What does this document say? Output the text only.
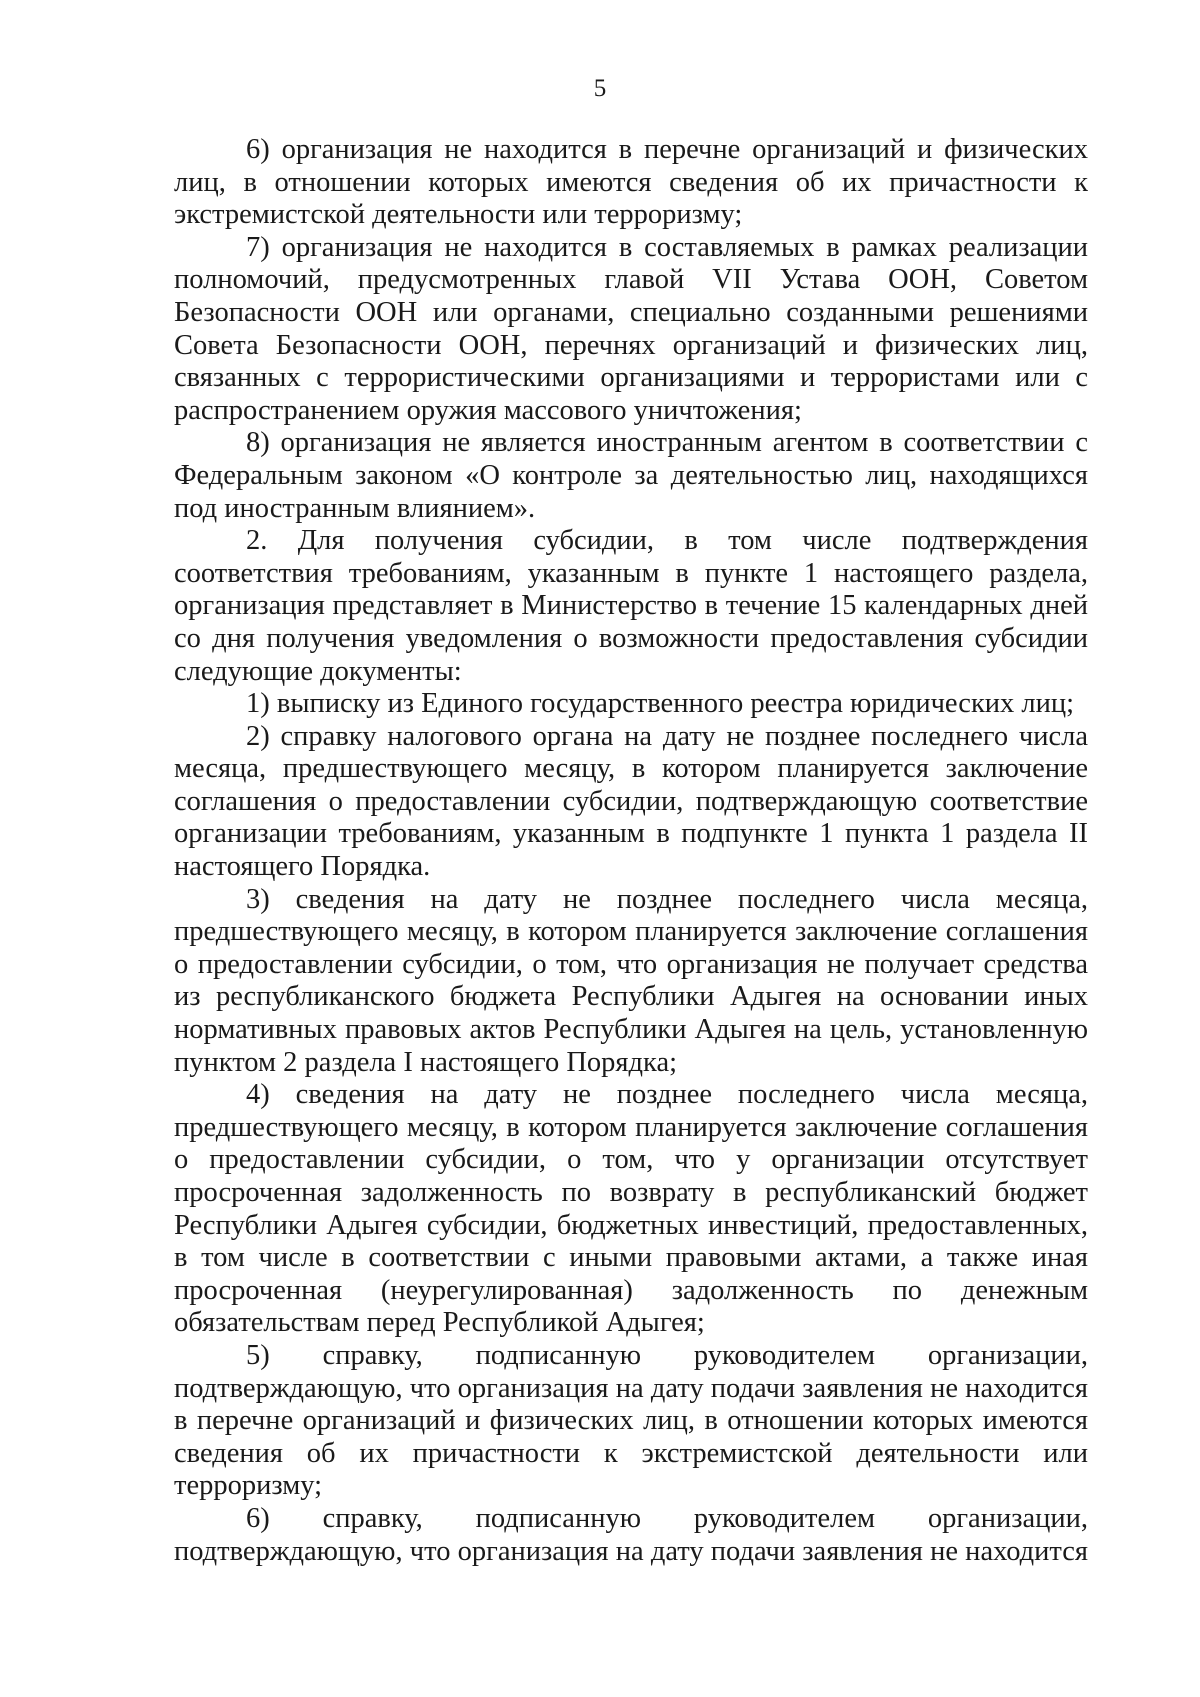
5

6) организация не находится в перечне организаций и физических лиц, в отношении которых имеются сведения об их причастности к экстремистской деятельности или терроризму;

7) организация не находится в составляемых в рамках реализации полномочий, предусмотренных главой VII Устава ООН, Советом Безопасности ООН или органами, специально созданными решениями Совета Безопасности ООН, перечнях организаций и физических лиц, связанных с террористическими организациями и террористами или с распространением оружия массового уничтожения;

8) организация не является иностранным агентом в соответствии с Федеральным законом «О контроле за деятельностью лиц, находящихся под иностранным влиянием».

2. Для получения субсидии, в том числе подтверждения соответствия требованиям, указанным в пункте 1 настоящего раздела, организация представляет в Министерство в течение 15 календарных дней со дня получения уведомления о возможности предоставления субсидии следующие документы:

1) выписку из Единого государственного реестра юридических лиц;

2) справку налогового органа на дату не позднее последнего числа месяца, предшествующего месяцу, в котором планируется заключение соглашения о предоставлении субсидии, подтверждающую соответствие организации требованиям, указанным в подпункте 1 пункта 1 раздела II настоящего Порядка.

3) сведения на дату не позднее последнего числа месяца, предшествующего месяцу, в котором планируется заключение соглашения о предоставлении субсидии, о том, что организация не получает средства из республиканского бюджета Республики Адыгея на основании иных нормативных правовых актов Республики Адыгея на цель, установленную пунктом 2 раздела I настоящего Порядка;

4) сведения на дату не позднее последнего числа месяца, предшествующего месяцу, в котором планируется заключение соглашения о предоставлении субсидии, о том, что у организации отсутствует просроченная задолженность по возврату в республиканский бюджет Республики Адыгея субсидии, бюджетных инвестиций, предоставленных, в том числе в соответствии с иными правовыми актами, а также иная просроченная (неурегулированная) задолженность по денежным обязательствам перед Республикой Адыгея;

5) справку, подписанную руководителем организации, подтверждающую, что организация на дату подачи заявления не находится в перечне организаций и физических лиц, в отношении которых имеются сведения об их причастности к экстремистской деятельности или терроризму;

6) справку, подписанную руководителем организации, подтверждающую, что организация на дату подачи заявления не находится
